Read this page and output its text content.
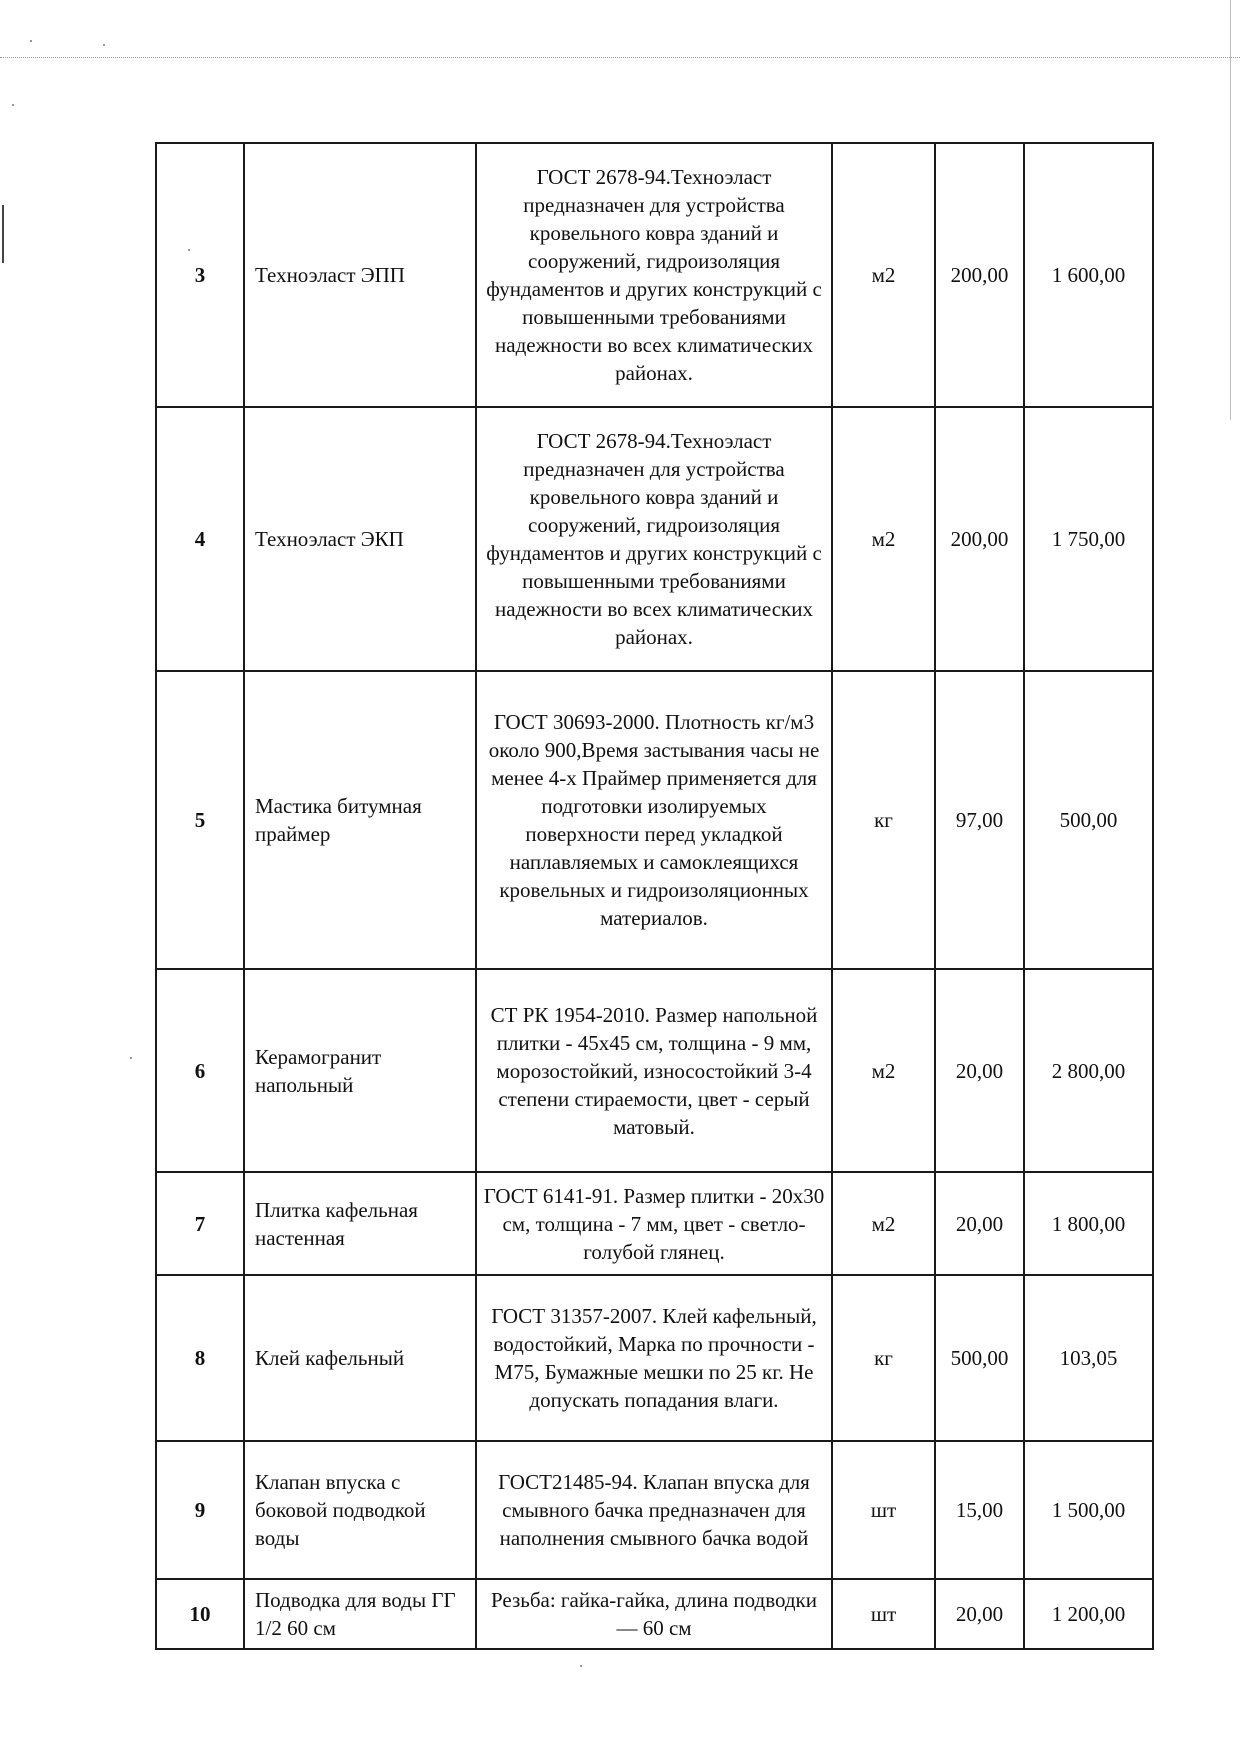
3	Техноэласт ЭПП	ГОСТ 2678-94.Техноэласт предназначен для устройства кровельного ковра зданий и сооружений, гидроизоляция фундаментов и других конструкций с повышенными требованиями надежности во всех климатических районах.	м2	200,00	1 600,00
4	Техноэласт ЭКП	ГОСТ 2678-94.Техноэласт предназначен для устройства кровельного ковра зданий и сооружений, гидроизоляция фундаментов и других конструкций с повышенными требованиями надежности во всех климатических районах.	м2	200,00	1 750,00
5	Мастика битумная праймер	ГОСТ 30693-2000. Плотность кг/м3 около 900,Время застывания часы не менее 4-х Праймер применяется для подготовки изолируемых поверхности перед укладкой наплавляемых и самоклеящихся кровельных и гидроизоляционных материалов.	кг	97,00	500,00
6	Керамогранит напольный	СТ РК 1954-2010. Размер напольной плитки - 45х45 см, толщина - 9 мм, морозостойкий, износостойкий 3-4 степени стираемости, цвет - серый матовый.	м2	20,00	2 800,00
7	Плитка кафельная настенная	ГОСТ 6141-91. Размер плитки - 20х30 см, толщина - 7 мм, цвет - светло-голубой глянец.	м2	20,00	1 800,00
8	Клей кафельный	ГОСТ 31357-2007. Клей кафельный, водостойкий, Марка по прочности - М75, Бумажные мешки по 25 кг. Не допускать попадания влаги.	кг	500,00	103,05
9	Клапан впуска с боковой подводкой воды	ГОСТ21485-94. Клапан впуска для смывного бачка предназначен для наполнения смывного бачка водой	шт	15,00	1 500,00
10	Подводка для воды ГГ 1/2 60 см	Резьба: гайка-гайка, длина подводки — 60 см	шт	20,00	1 200,00
